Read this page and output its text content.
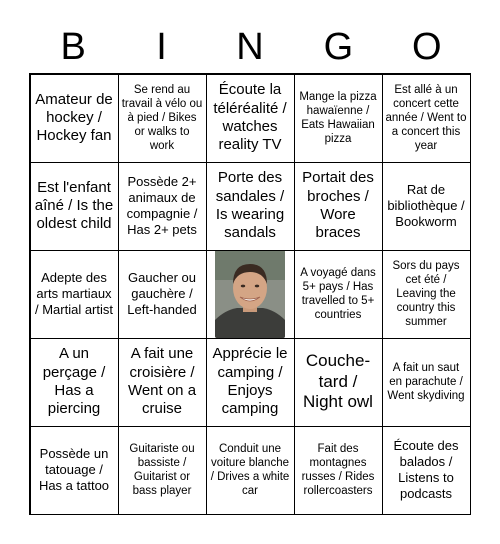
B	I	N	G	O
Amateur de hockey / Hockey fan
Se rend au travail à vélo ou à pied / Bikes or walks to work
Écoute la téléréalité / watches reality TV
Mange la pizza hawaïenne / Eats Hawaiian pizza
Est allé à un concert cette année / Went to a concert this year
Est l'enfant aîné / Is the oldest child
Possède 2+ animaux de compagnie / Has 2+ pets
Porte des sandales / Is wearing sandals
Portait des broches / Wore braces
Rat de bibliothèque / Bookworm
Adepte des arts martiaux / Martial artist
Gaucher ou gauchère / Left-handed
A voyagé dans 5+ pays / Has travelled to 5+ countries
Sors du pays cet été / Leaving the country this summer
A un perçage / Has a piercing
A fait une croisière / Went on a cruise
Apprécie le camping / Enjoys camping
Couche-tard / Night owl
A fait un saut en parachute / Went skydiving
Possède un tatouage / Has a tattoo
Guitariste ou bassiste / Guitarist or bass player
Conduit une voiture blanche / Drives a white car
Fait des montagnes russes / Rides rollercoasters
Écoute des balados / Listens to podcasts
